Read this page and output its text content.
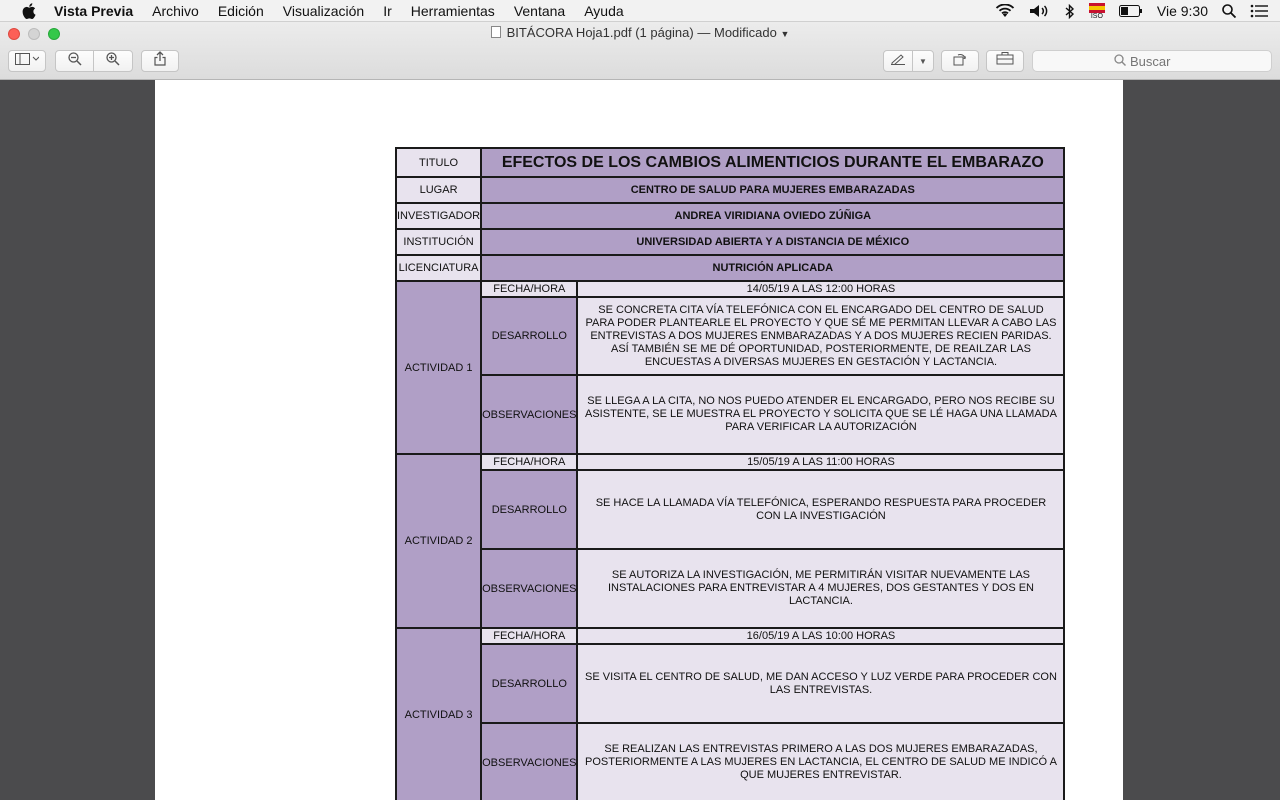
Vista Previa Archivo Edición Visualización Ir Herramientas Ventana Ayuda	ISO	Vie 9:30
BITÁCORA Hoja1.pdf (1 página) — Modificado ▼
▼
Buscar
TITULO	EFECTOS DE LOS CAMBIOS ALIMENTICIOS DURANTE EL EMBARAZO	
LUGAR	CENTRO DE SALUD PARA MUJERES EMBARAZADAS	
INVESTIGADOR	ANDREA VIRIDIANA OVIEDO ZÚÑIGA	
INSTITUCIÓN	UNIVERSIDAD ABIERTA Y A DISTANCIA DE MÉXICO	
LICENCIATURA	NUTRICIÓN APLICADA	
ACTIVIDAD 1	FECHA/HORA	14/05/19 A LAS 12:00 HORAS
	DESARROLLO	SE CONCRETA CITA VÍA TELEFÓNICA CON EL ENCARGADO DEL CENTRO DE SALUD PARA PODER PLANTEARLE EL PROYECTO Y QUE SÉ ME PERMITAN LLEVAR A CABO LAS ENTREVISTAS A DOS MUJERES ENMBARAZADAS Y A DOS MUJERES RECIEN PARIDAS. ASÍ TAMBIÉN SE ME DÉ OPORTUNIDAD, POSTERIORMENTE, DE REAILZAR LAS ENCUESTAS A DIVERSAS MUJERES EN GESTACIÓN Y LACTANCIA.
	OBSERVACIONES	SE LLEGA A LA CITA, NO NOS PUEDO ATENDER EL ENCARGADO, PERO NOS RECIBE SU ASISTENTE, SE LE MUESTRA EL PROYECTO Y SOLICITA QUE SE LÉ HAGA UNA LLAMADA PARA VERIFICAR LA AUTORIZACIÓN
ACTIVIDAD 2	FECHA/HORA	15/05/19 A LAS 11:00 HORAS
	DESARROLLO	SE HACE LA LLAMADA VÍA TELEFÓNICA, ESPERANDO RESPUESTA PARA PROCEDER CON LA INVESTIGACIÓN
	OBSERVACIONES	SE AUTORIZA LA INVESTIGACIÓN, ME PERMITIRÁN VISITAR NUEVAMENTE LAS INSTALACIONES PARA ENTREVISTAR A 4 MUJERES, DOS GESTANTES Y DOS EN LACTANCIA.
ACTIVIDAD 3	FECHA/HORA	16/05/19 A LAS 10:00 HORAS
	DESARROLLO	SE VISITA EL CENTRO DE SALUD, ME DAN ACCESO Y LUZ VERDE PARA PROCEDER CON LAS ENTREVISTAS.
	OBSERVACIONES	SE REALIZAN LAS ENTREVISTAS PRIMERO A LAS DOS MUJERES EMBARAZADAS, POSTERIORMENTE A LAS MUJERES EN LACTANCIA, EL CENTRO DE SALUD ME INDICÓ A QUE MUJERES ENTREVISTAR.
